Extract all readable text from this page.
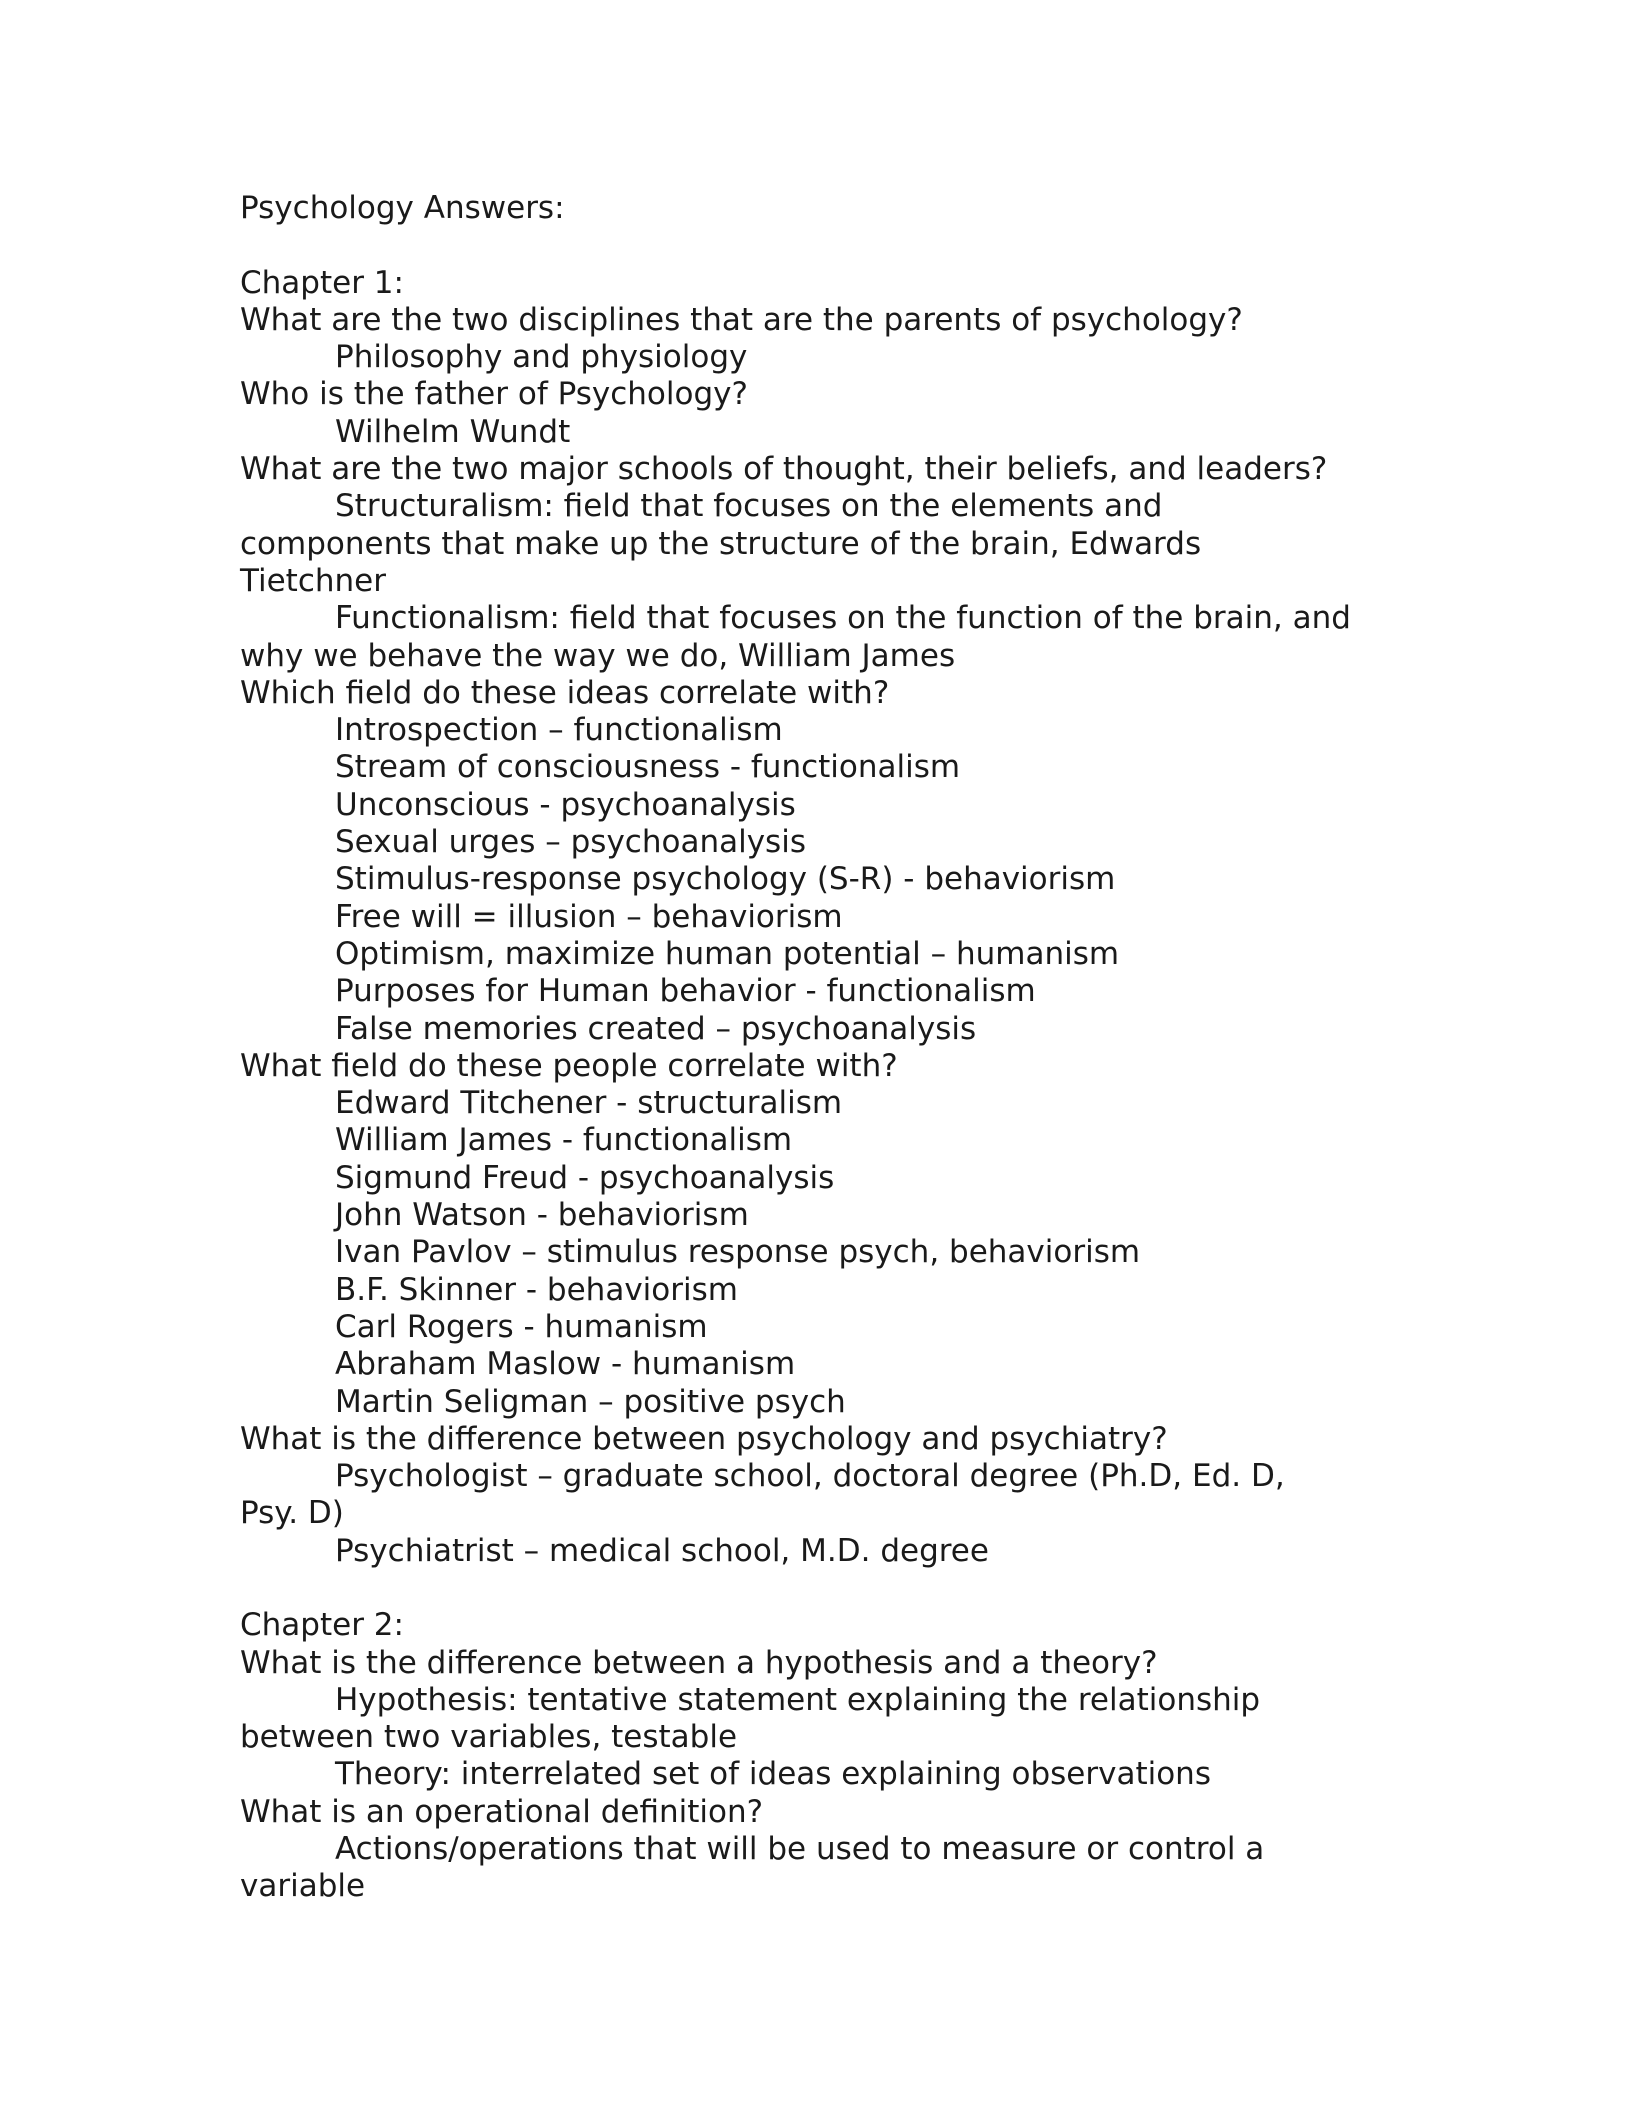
Psychology Answers:

Chapter 1:

What are the two disciplines that are the parents of psychology?

Philosophy and physiology

Who is the father of Psychology?

Wilhelm Wundt

What are the two major schools of thought, their beliefs, and leaders?

Structuralism: field that focuses on the elements and

components that make up the structure of the brain, Edwards

Tietchner

Functionalism: field that focuses on the function of the brain, and

why we behave the way we do, William James

Which field do these ideas correlate with?

Introspection – functionalism

Stream of consciousness - functionalism

Unconscious - psychoanalysis

Sexual urges – psychoanalysis

Stimulus-response psychology (S-R) - behaviorism

Free will = illusion – behaviorism

Optimism, maximize human potential – humanism

Purposes for Human behavior - functionalism

False memories created – psychoanalysis

What field do these people correlate with?

Edward Titchener - structuralism

William James - functionalism

Sigmund Freud - psychoanalysis

John Watson - behaviorism

Ivan Pavlov – stimulus response psych, behaviorism

B.F. Skinner - behaviorism

Carl Rogers - humanism

Abraham Maslow - humanism

Martin Seligman – positive psych

What is the difference between psychology and psychiatry?

Psychologist – graduate school, doctoral degree (Ph.D, Ed. D,

Psy. D)

Psychiatrist – medical school, M.D. degree

Chapter 2:

What is the difference between a hypothesis and a theory?

Hypothesis: tentative statement explaining the relationship

between two variables, testable

Theory: interrelated set of ideas explaining observations

What is an operational definition?

Actions/operations that will be used to measure or control a

variable
